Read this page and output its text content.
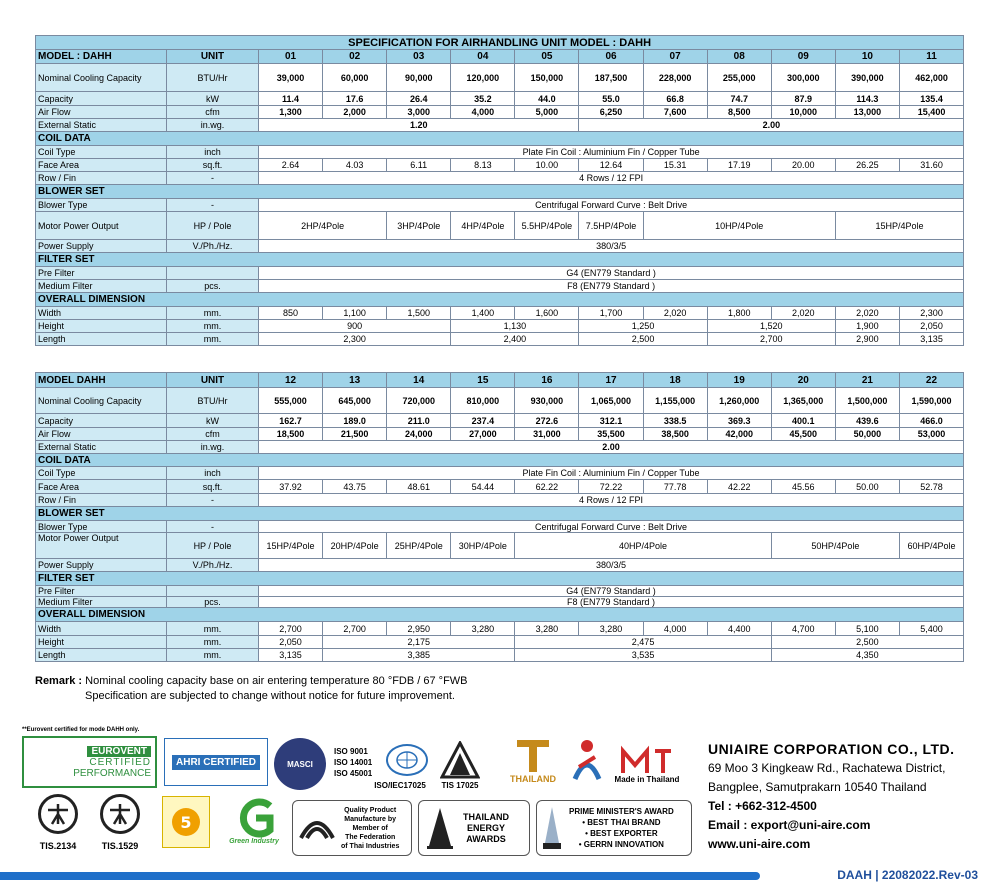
SPECIFICATION FOR AIRHANDLING UNIT MODEL : DAHH												
MODEL : DAHH	UNIT	01	02	03	04	05	06	07	08	09	10	11
Nominal Cooling Capacity	BTU/Hr	39,000	60,000	90,000	120,000	150,000	187,500	228,000	255,000	300,000	390,000	462,000
Capacity	kW	11.4	17.6	26.4	35.2	44.0	55.0	66.8	74.7	87.9	114.3	135.4
Air Flow	cfm	1,300	2,000	3,000	4,000	5,000	6,250	7,600	8,500	10,000	13,000	15,400
External Static	in.wg.	1.20					2.00					
COIL DATA												
Coil Type	inch	Plate Fin Coil : Aluminium Fin / Copper Tube										
Face Area	sq.ft.	2.64	4.03	6.11	8.13	10.00	12.64	15.31	17.19	20.00	26.25	31.60
Row / Fin	-	4 Rows / 12 FPI										
BLOWER SET												
Blower Type	-	Centrifugal Forward Curve : Belt Drive										
Motor Power Output	HP / Pole	2HP/4Pole		3HP/4Pole	4HP/4Pole	5.5HP/4Pole	7.5HP/4Pole	10HP/4Pole			15HP/4Pole	
Power Supply	V./Ph./Hz.	380/3/5										
FILTER SET												
Pre Filter		G4 (EN779 Standard )										
Medium Filter	pcs.	F8 (EN779 Standard )										
OVERALL DIMENSION												
Width	mm.	850	1,100	1,500	1,400	1,600	1,700	2,020	1,800	2,020	2,020	2,300
Height	mm.	900			1,130		1,250		1,520		1,900	2,050
Length	mm.	2,300			2,400		2,500		2,700		2,900	3,135
MODEL DAHH	UNIT	12	13	14	15	16	17	18	19	20	21	22
Nominal Cooling Capacity	BTU/Hr	555,000	645,000	720,000	810,000	930,000	1,065,000	1,155,000	1,260,000	1,365,000	1,500,000	1,590,000
Capacity	kW	162.7	189.0	211.0	237.4	272.6	312.1	338.5	369.3	400.1	439.6	466.0
Air Flow	cfm	18,500	21,500	24,000	27,000	31,000	35,500	38,500	42,000	45,500	50,000	53,000
External Static	in.wg.	2.00										
COIL DATA												
Coil Type	inch	Plate Fin Coil : Aluminium Fin / Copper Tube										
Face Area	sq.ft.	37.92	43.75	48.61	54.44	62.22	72.22	77.78	42.22	45.56	50.00	52.78
Row / Fin	-	4 Rows / 12 FPI										
BLOWER SET												
Blower Type	-	Centrifugal Forward Curve : Belt Drive										
Motor Power Output	HP / Pole	15HP/4Pole	20HP/4Pole	25HP/4Pole	30HP/4Pole	40HP/4Pole				50HP/4Pole		60HP/4Pole
Power Supply	V./Ph./Hz.	380/3/5										
FILTER SET												
Pre Filter		G4 (EN779 Standard )										
Medium Filter	pcs.	F8 (EN779 Standard )										
OVERALL DIMENSION												
Width	mm.	2,700	2,700	2,950	3,280	3,280	3,280	4,000	4,400	4,700	5,100	5,400
Height	mm.	2,050	2,175			2,475				2,500		
Length	mm.	3,135	3,385			3,535				4,350		
Remark : Nominal cooling capacity base on air entering temperature 80 °FDB / 67 °FWB
Specification are subjected to change without notice for future improvement.
**Eurovent certified for mode DAHH only.
EUROVENT
CERTIFIED
PERFORMANCE
AHRI CERTIFIED	MASCI
ISO 9001
ISO 14001
ISO 45001
ISO/IEC17025	TIS 17025
THAILAND	Made in Thailand
TIS.2134	TIS.1529
5
Green Industry
Quality Product
Manufacture by
Member of
The Federation
of Thai Industries
THAILAND
ENERGY
AWARDS
PRIME MINISTER'S AWARD
• BEST THAI BRAND
• BEST EXPORTER
• GERRN INNOVATION
UNIAIRE CORPORATION CO., LTD.
69 Moo 3 Kingkeaw Rd., Rachatewa District,
Bangplee, Samutprakarn 10540 Thailand
Tel : +662-312-4500
Email : export@uni-aire.com
www.uni-aire.com
DAAH | 22082022.Rev-03
